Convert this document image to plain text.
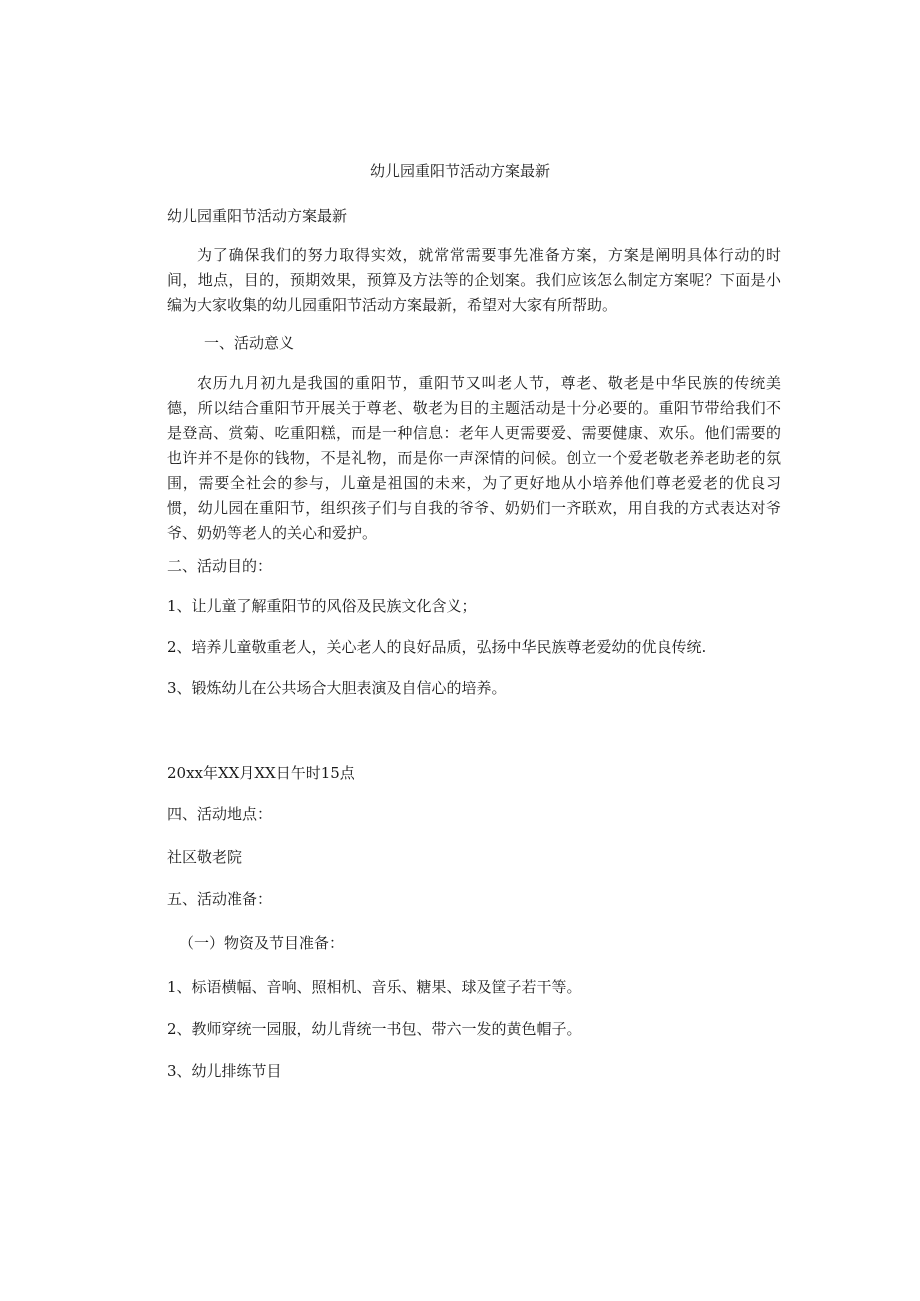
幼儿园重阳节活动方案最新
幼儿园重阳节活动方案最新
为了确保我们的努力取得实效，就常常需要事先准备方案，方案是阐明具体行动的时间，地点，目的，预期效果，预算及方法等的企划案。我们应该怎么制定方案呢？下面是小编为大家收集的幼儿园重阳节活动方案最新，希望对大家有所帮助。
一、活动意义
农历九月初九是我国的重阳节，重阳节又叫老人节，尊老、敬老是中华民族的传统美德，所以结合重阳节开展关于尊老、敬老为目的主题活动是十分必要的。重阳节带给我们不是登高、赏菊、吃重阳糕，而是一种信息：老年人更需要爱、需要健康、欢乐。他们需要的也许并不是你的钱物，不是礼物，而是你一声深情的问候。创立一个爱老敬老养老助老的氛围，需要全社会的参与，儿童是祖国的未来，为了更好地从小培养他们尊老爱老的优良习惯，幼儿园在重阳节，组织孩子们与自我的爷爷、奶奶们一齐联欢，用自我的方式表达对爷爷、奶奶等老人的关心和爱护。
二、活动目的：
1、让儿童了解重阳节的风俗及民族文化含义；
2、培养儿童敬重老人，关心老人的良好品质，弘扬中华民族尊老爱幼的优良传统.
3、锻炼幼儿在公共场合大胆表演及自信心的培养。
20xx年XX月XX日午时15点
四、活动地点：
社区敬老院
五、活动准备：
（一）物资及节目准备：
1、标语横幅、音响、照相机、音乐、糖果、球及筐子若干等。
2、教师穿统一园服，幼儿背统一书包、带六一发的黄色帽子。
3、幼儿排练节目
